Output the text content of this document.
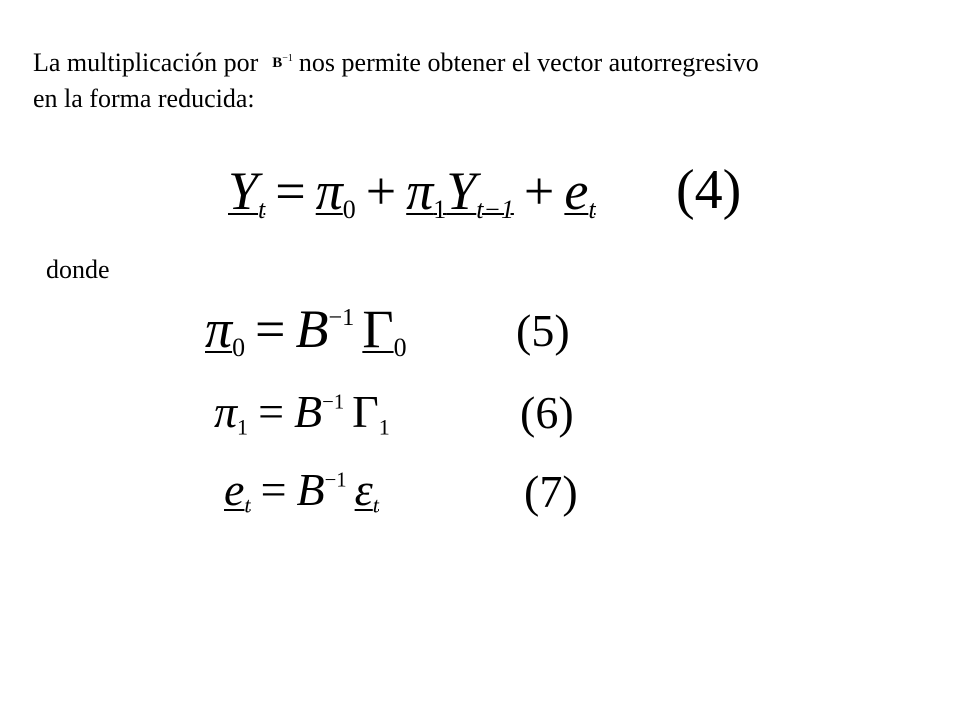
La multiplicación por $B^{-1}$ nos permite obtener el vector autorregresivo
en la forma reducida:
$Y_t = \pi 0 + \pi 1Y_{t-1} + e_t$ (4)
donde
$\pi 0 = B^{-1}$ Γ0 (5)
$\pi 1 = B^{-1}$ Γ1	(6)
$e_t = B^{-1}$ $\varepsilon_t$	(7)
